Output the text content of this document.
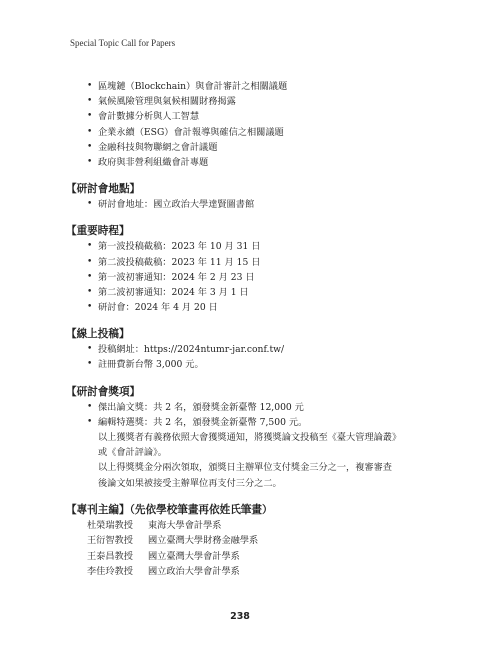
Special Topic Call for Papers
• 區塊鏈（Blockchain）與會計審計之相關議題
• 氣候風險管理與氣候相關財務揭露
• 會計數據分析與人工智慧
• 企業永續（ESG）會計報導與確信之相關議題
• 金融科技與物聯網之會計議題
• 政府與非營利組織會計專題
【研討會地點】
• 研討會地址：國立政治大學達賢圖書館
【重要時程】
• 第一波投稿截稿：2023 年 10 月 31 日
• 第二波投稿截稿：2023 年 11 月 15 日
• 第一波初審通知：2024 年 2 月 23 日
• 第二波初審通知：2024 年 3 月 1 日
• 研討會：2024 年 4 月 20 日
【線上投稿】
• 投稿網址：https://2024ntumr-jar.conf.tw/
• 註冊費新台幣 3,000 元。
【研討會獎項】
• 傑出論文獎：共 2 名，頒發獎金新臺幣 12,000 元
• 編輯特選獎：共 2 名，頒發獎金新臺幣 7,500 元。
以上獲獎者有義務依照大會獲獎通知，將獲獎論文投稿至《臺大管理論叢》
或《會計評論》。
以上得獎獎金分兩次領取，頒獎日主辦單位支付獎金三分之一，複審審查
後論文如果被接受主辦單位再支付三分之二。
【專刊主編】（先依學校筆畫再依姓氏筆畫）
杜榮瑞教授	東海大學會計學系
王衍智教授	國立臺灣大學財務金融學系
王泰昌教授	國立臺灣大學會計學系
李佳玲教授	國立政治大學會計學系
238
